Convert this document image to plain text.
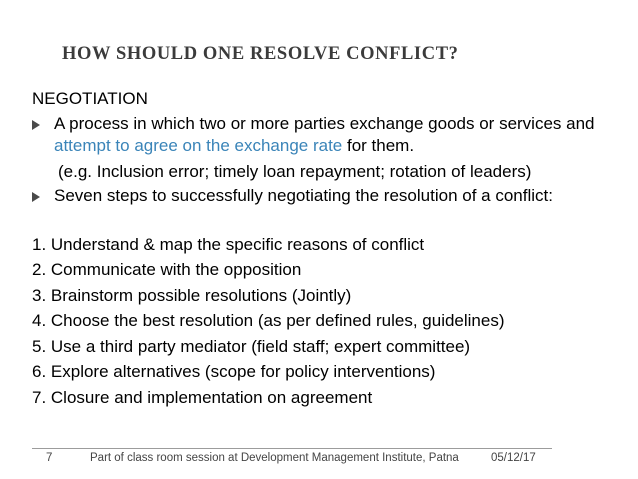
HOW SHOULD ONE RESOLVE CONFLICT?
NEGOTIATION
A process in which two or more parties exchange goods or services and attempt to agree on the exchange rate for them.
(e.g. Inclusion error; timely loan repayment; rotation of leaders)
Seven steps to successfully negotiating the resolution of a conflict:
1. Understand & map the specific reasons of conflict
2. Communicate with the opposition
3. Brainstorm possible resolutions (Jointly)
4. Choose the best resolution (as per defined rules, guidelines)
5. Use a third party mediator (field staff; expert committee)
6. Explore alternatives (scope for policy interventions)
7. Closure and implementation on agreement
7	Part of class room session at Development Management Institute, Patna	05/12/17
